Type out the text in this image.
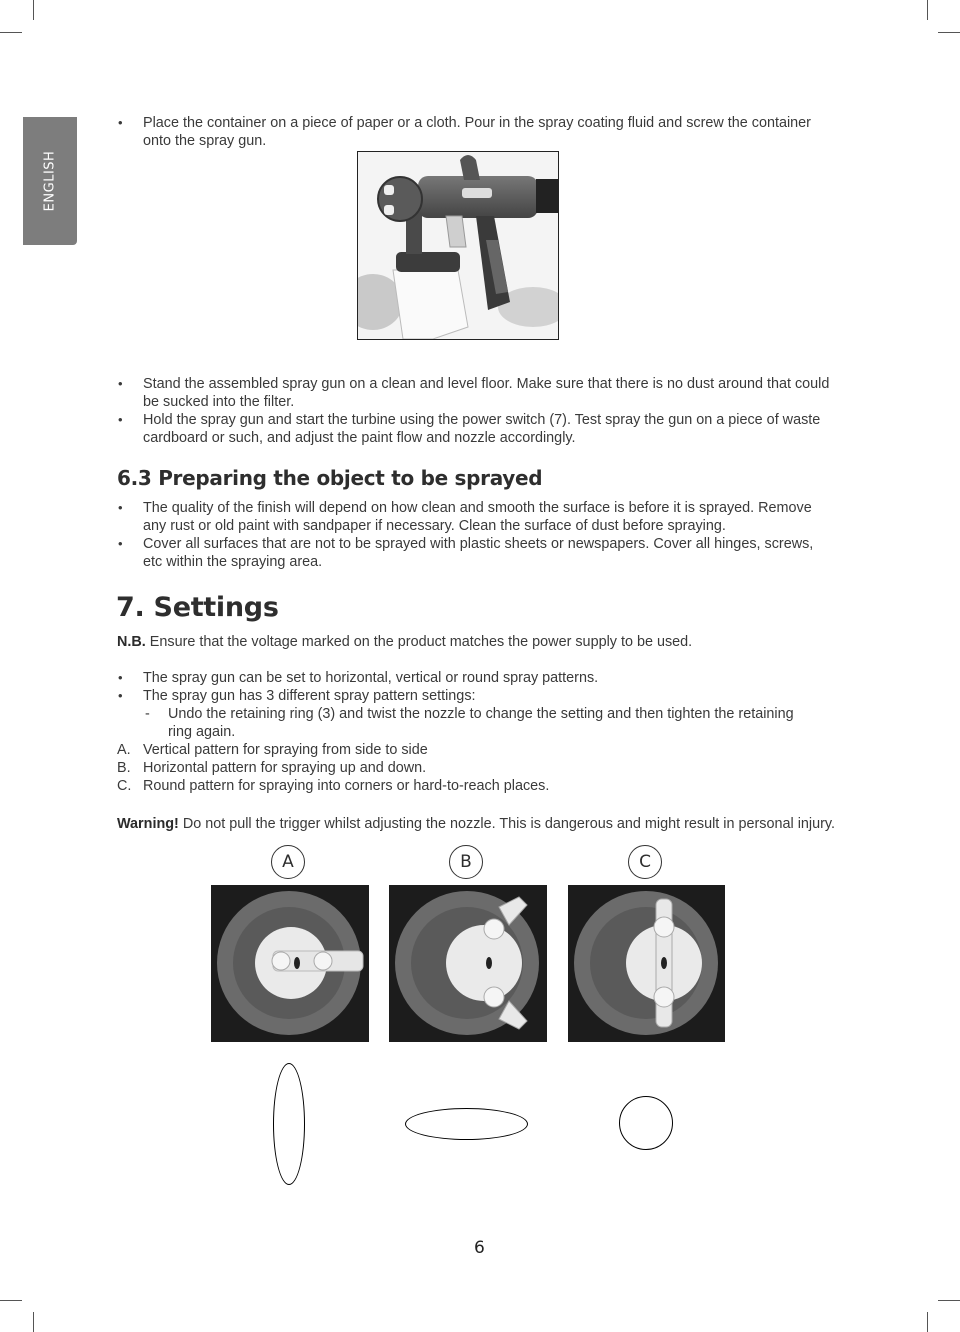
ENGLISH
•
Place the container on a piece of paper or a cloth. Pour in the spray coating fluid and screw the container
onto the spray gun.
•
Stand the assembled spray gun on a clean and level floor. Make sure that there is no dust around that could
be sucked into the filter.
•
Hold the spray gun and start the turbine using the power switch (7). Test spray the gun on a piece of waste
cardboard or such, and adjust the paint flow and nozzle accordingly.
6.3 Preparing the object to be sprayed
•
The quality of the finish will depend on how clean and smooth the surface is before it is sprayed. Remove
any rust or old paint with sandpaper if necessary. Clean the surface of dust before spraying.
•
Cover all surfaces that are not to be sprayed with plastic sheets or newspapers. Cover all hinges, screws,
etc within the spraying area.
7. Settings
N.B. Ensure that the voltage marked on the product matches the power supply to be used.
•
The spray gun can be set to horizontal, vertical or round spray patterns.
•
The spray gun has 3 different spray pattern settings:
- Undo the retaining ring (3) and twist the nozzle to change the setting and then tighten the retaining
ring again.
A. Vertical pattern for spraying from side to side
B. Horizontal pattern for spraying up and down.
C. Round pattern for spraying into corners or hard-to-reach places.
Warning! Do not pull the trigger whilst adjusting the nozzle. This is dangerous and might result in personal injury.
A	B	C
6
